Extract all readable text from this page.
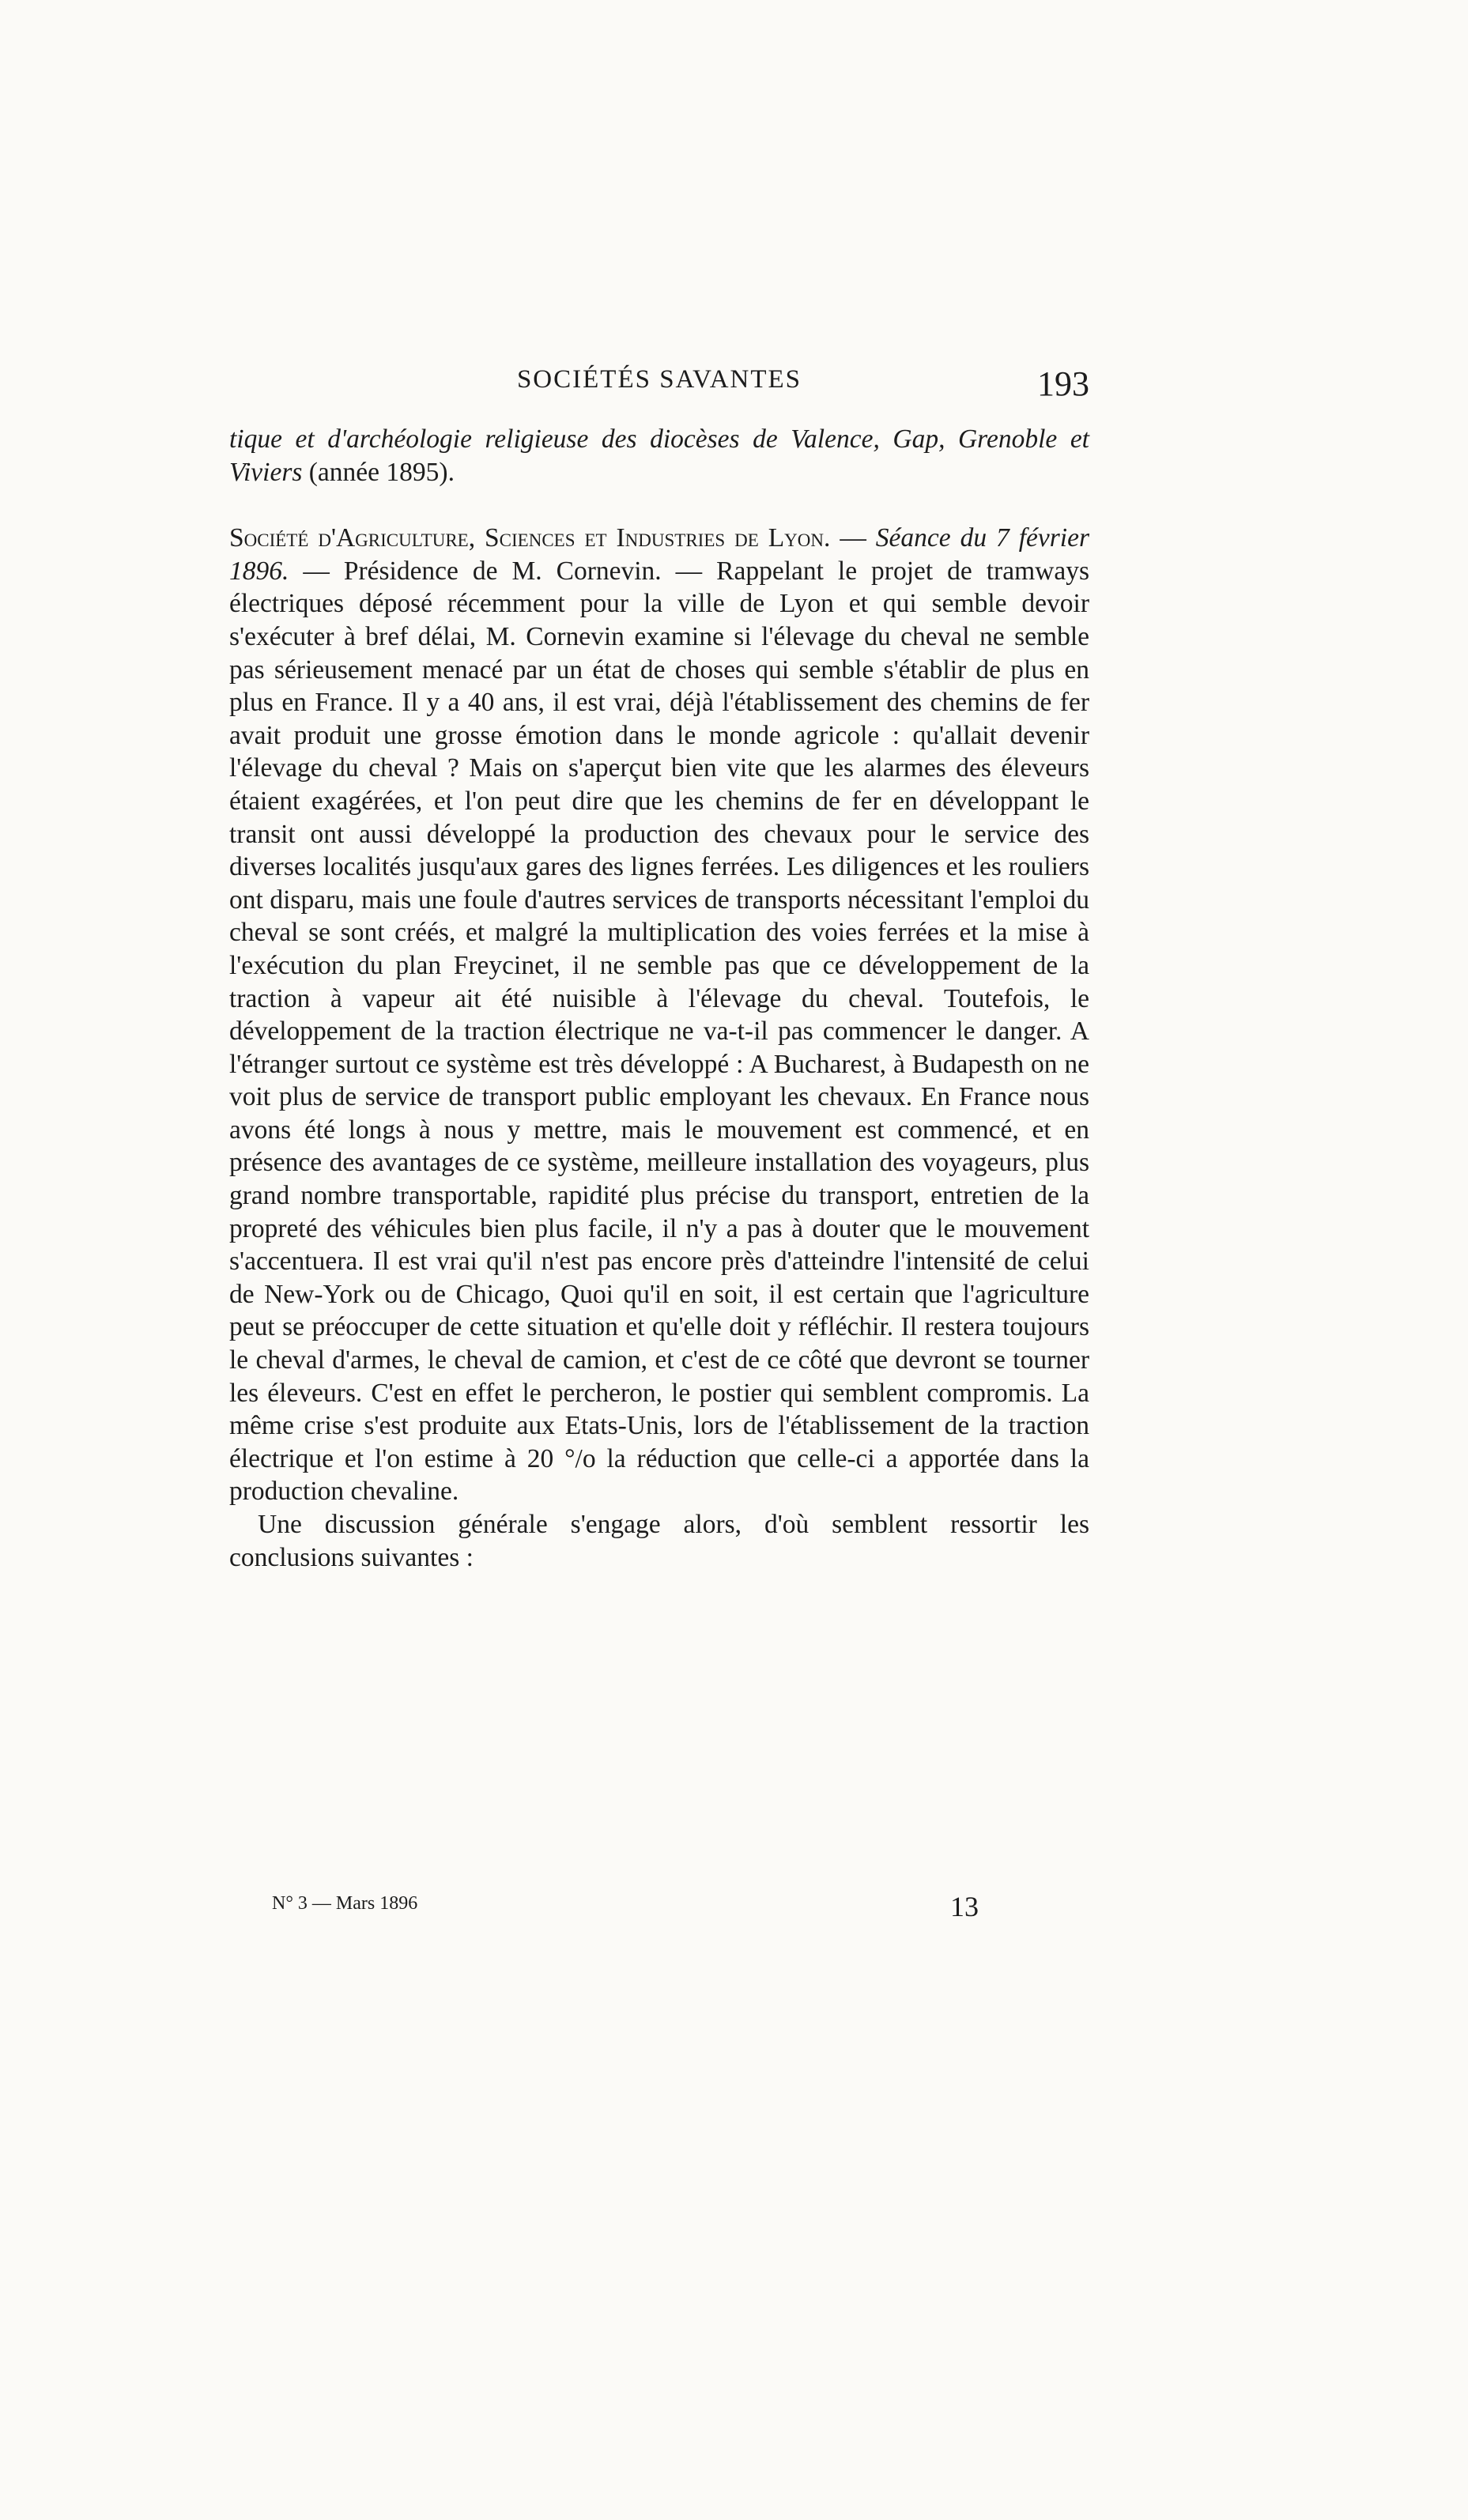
SOCIÉTÉS SAVANTES	193

tique et d'archéologie religieuse des diocèses de Valence, Gap, Grenoble et Viviers (année 1895).

Société d'Agriculture, Sciences et Industries de Lyon. — Séance du 7 février 1896. — Présidence de M. Cornevin. — Rappelant le projet de tramways électriques déposé récemment pour la ville de Lyon et qui semble devoir s'exécuter à bref délai, M. Cornevin examine si l'élevage du cheval ne semble pas sérieusement menacé par un état de choses qui semble s'établir de plus en plus en France. Il y a 40 ans, il est vrai, déjà l'établissement des chemins de fer avait produit une grosse émotion dans le monde agricole : qu'allait devenir l'élevage du cheval ? Mais on s'aperçut bien vite que les alarmes des éleveurs étaient exagérées, et l'on peut dire que les chemins de fer en développant le transit ont aussi développé la production des chevaux pour le service des diverses localités jusqu'aux gares des lignes ferrées. Les diligences et les rouliers ont disparu, mais une foule d'autres services de transports nécessitant l'emploi du cheval se sont créés, et malgré la multiplication des voies ferrées et la mise à l'exécution du plan Freycinet, il ne semble pas que ce développement de la traction à vapeur ait été nuisible à l'élevage du cheval. Toutefois, le développement de la traction électrique ne va-t-il pas commencer le danger. A l'étranger surtout ce système est très développé : A Bucharest, à Budapesth on ne voit plus de service de transport public employant les chevaux. En France nous avons été longs à nous y mettre, mais le mouvement est commencé, et en présence des avantages de ce système, meilleure installation des voyageurs, plus grand nombre transportable, rapidité plus précise du transport, entretien de la propreté des véhicules bien plus facile, il n'y a pas à douter que le mouvement s'accentuera. Il est vrai qu'il n'est pas encore près d'atteindre l'intensité de celui de New-York ou de Chicago, Quoi qu'il en soit, il est certain que l'agriculture peut se préoccuper de cette situation et qu'elle doit y réfléchir. Il restera toujours le cheval d'armes, le cheval de camion, et c'est de ce côté que devront se tourner les éleveurs. C'est en effet le percheron, le postier qui semblent compromis. La même crise s'est produite aux Etats-Unis, lors de l'établissement de la traction électrique et l'on estime à 20 °/o la réduction que celle-ci a apportée dans la production chevaline.

Une discussion générale s'engage alors, d'où semblent ressortir les conclusions suivantes :

N° 3 — Mars 1896	13
